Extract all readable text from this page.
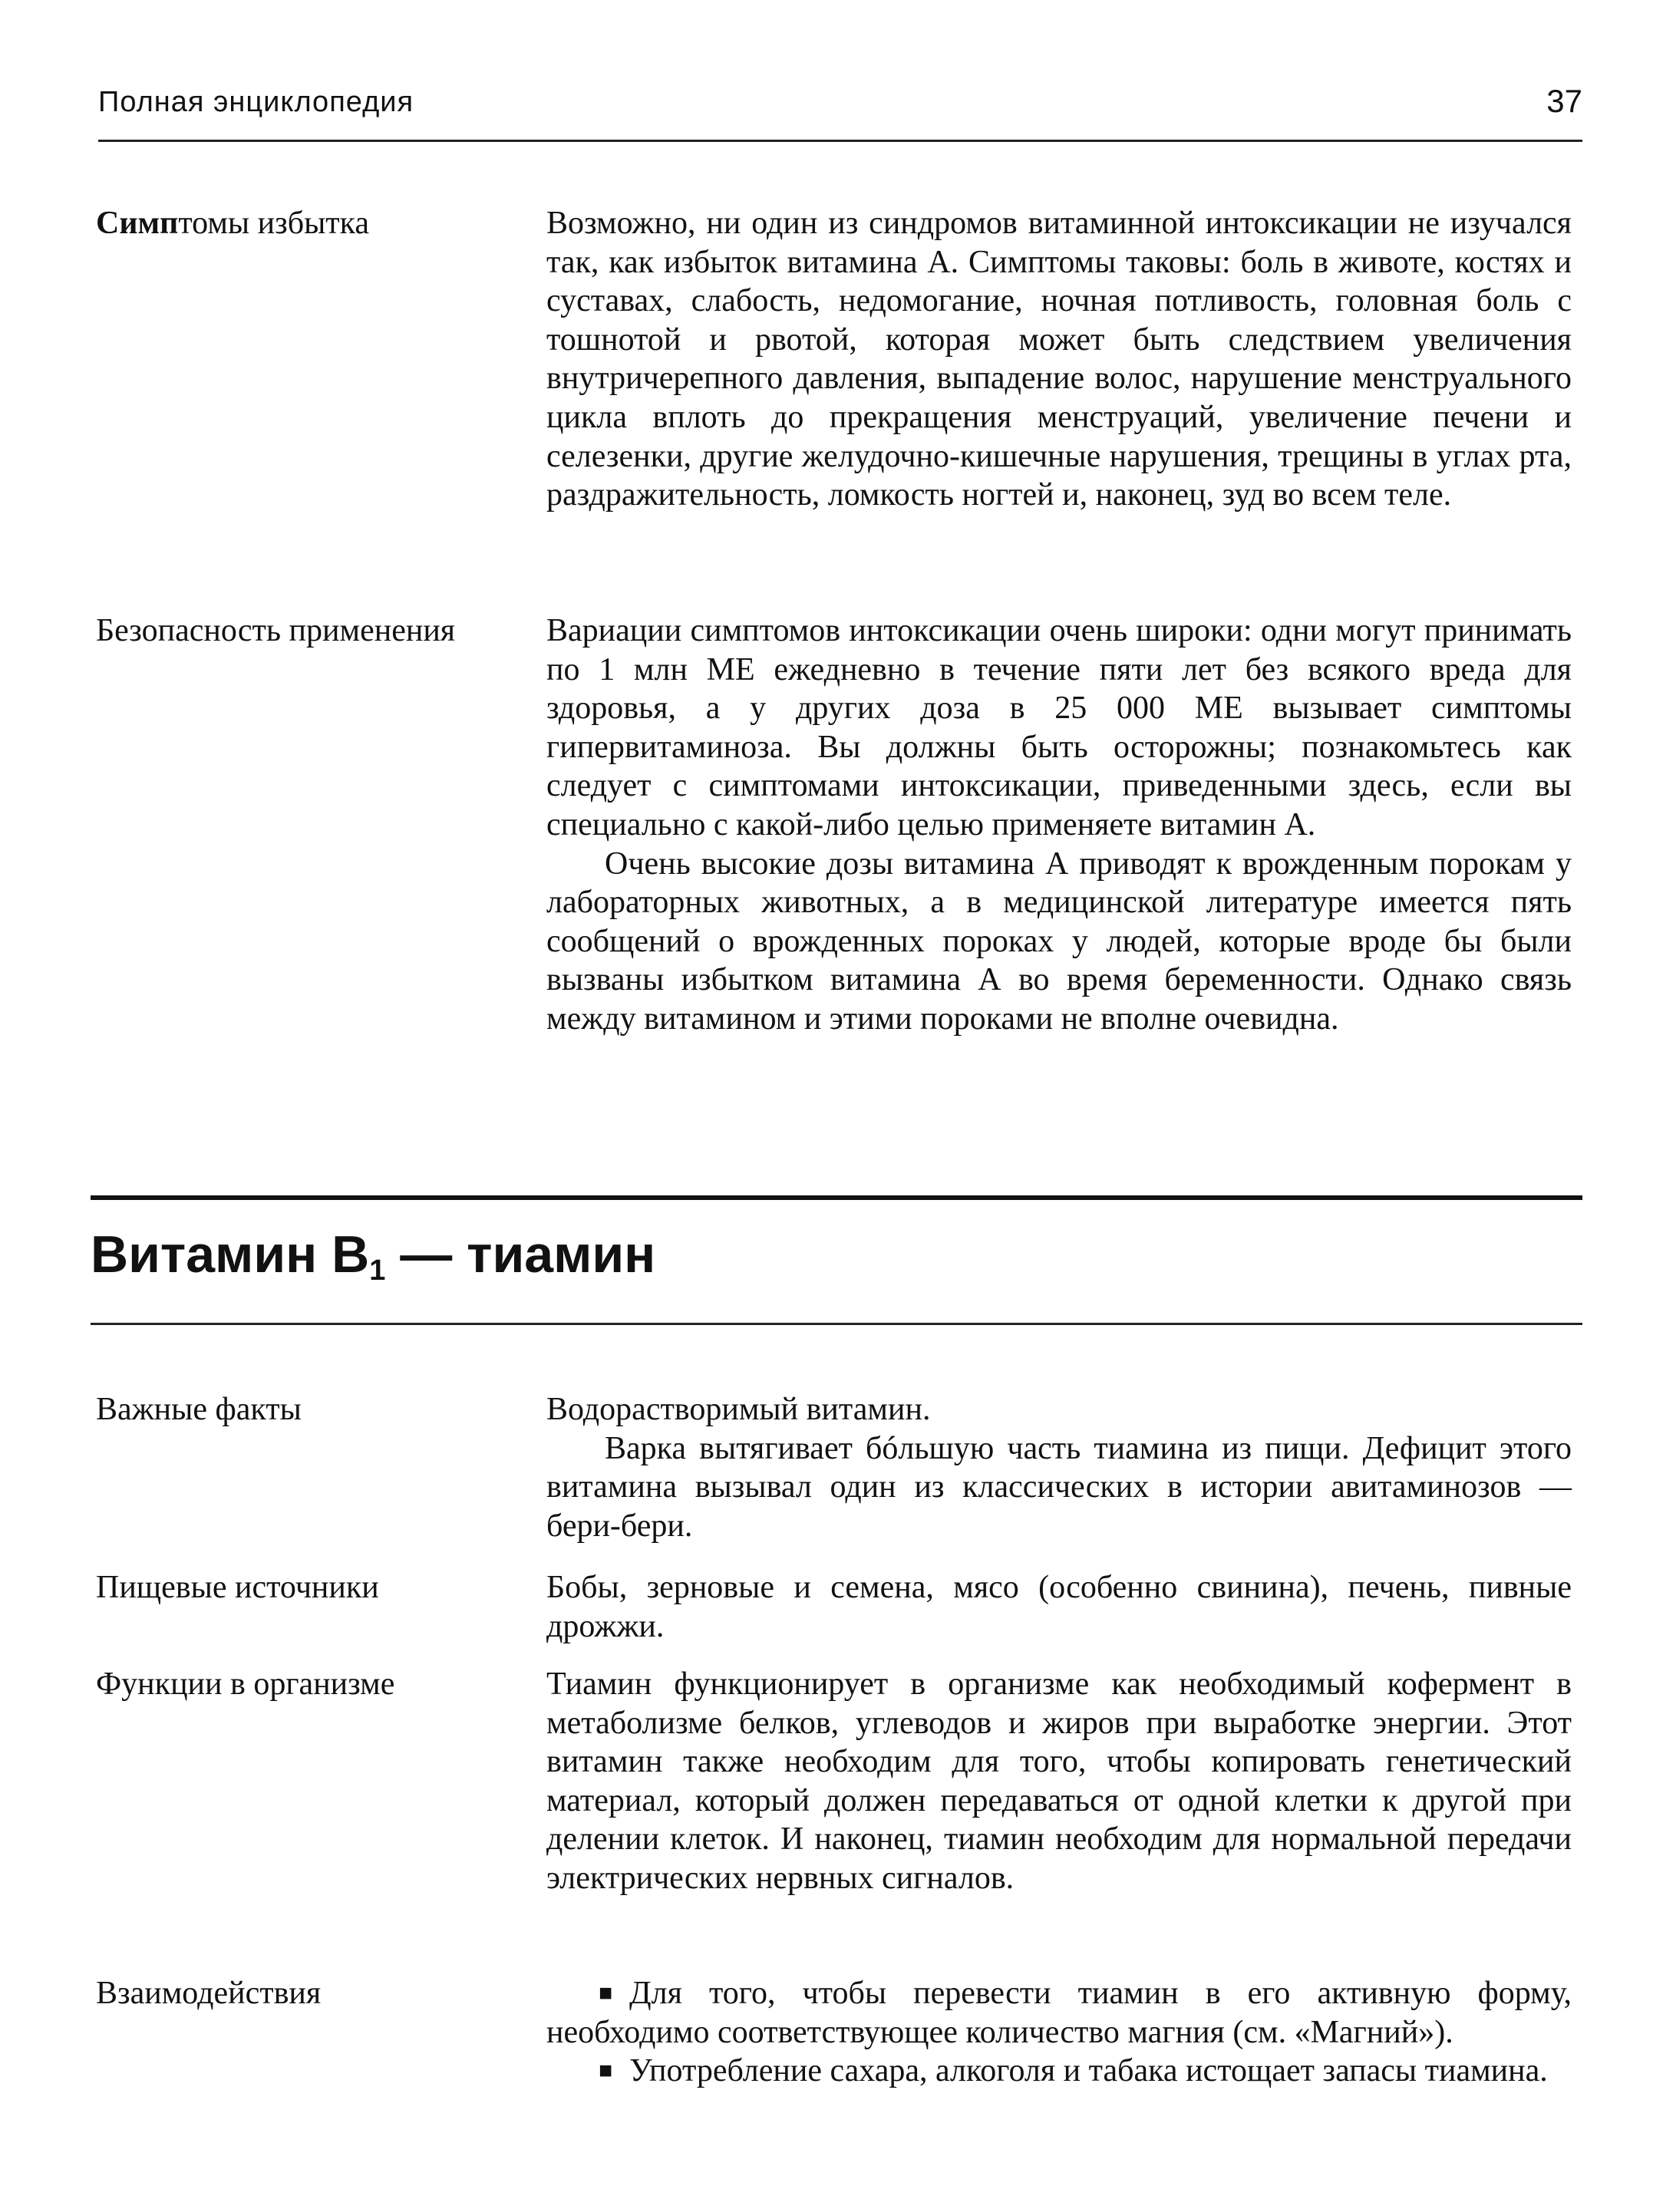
Полная энциклопедия	37
Симптомы избытка	Возможно, ни один из синдромов витаминной интоксикации не изучался так, как избыток витамина А. Симптомы таковы: боль в животе, костях и суставах, слабость, недомогание, ночная потливость, головная боль с тошнотой и рвотой, которая может быть следствием увеличения внутричерепного давления, выпадение волос, нарушение менструального цикла вплоть до прекращения менструаций, увеличение печени и селезенки, другие желудочно-кишечные нарушения, трещины в углах рта, раздражительность, ломкость ногтей и, наконец, зуд во всем теле.

Безопасность применения	Вариации симптомов интоксикации очень широки: одни могут принимать по 1 млн МЕ ежедневно в течение пяти лет без всякого вреда для здоровья, а у других доза в 25 000 МЕ вызывает симптомы гипервитаминоза. Вы должны быть осторожны; познакомьтесь как следует с симптомами интоксикации, приведенными здесь, если вы специально с какой-либо целью применяете витамин А.

Очень высокие дозы витамина А приводят к врожденным порокам у лабораторных животных, а в медицинской литературе имеется пять сообщений о врожденных пороках у людей, которые вроде бы были вызваны избытком витамина А во время беременности. Однако связь между витамином и этими пороками не вполне очевидна.

Витамин $B_1$ — тиамин
Важные факты	Водорастворимый витамин.

Варка вытягивает бóльшую часть тиамина из пищи. Дефицит этого витамина вызывал один из классических в истории авитаминозов — бери-бери.

Пищевые источники	Бобы, зерновые и семена, мясо (особенно свинина), печень, пивные дрожжи.

Функции в организме	Тиамин функционирует в организме как необходимый кофермент в метаболизме белков, углеводов и жиров при выработке энергии. Этот витамин также необходим для того, чтобы копировать генетический материал, который должен передаваться от одной клетки к другой при делении клеток. И наконец, тиамин необходим для нормальной передачи электрических нервных сигналов.

Взаимодействия	■ Для того, чтобы перевести тиамин в его активную форму, необходимо соответствующее количество магния (см. «Магний»).

■ Употребление сахара, алкоголя и табака истощает запасы тиамина.
